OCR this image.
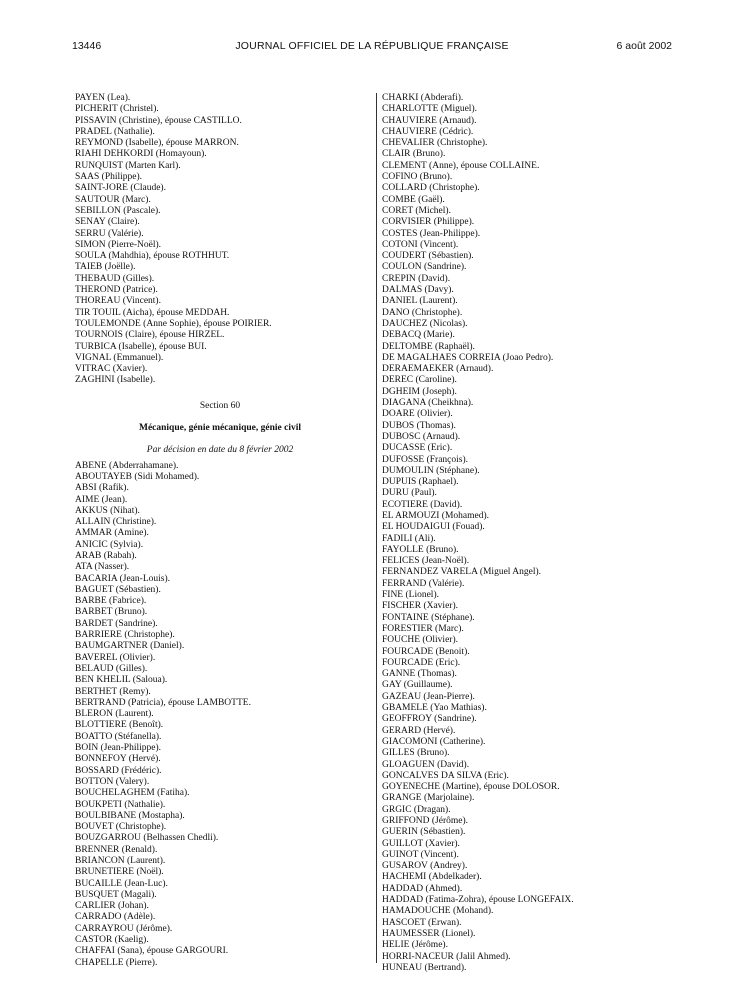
13446	JOURNAL OFFICIEL DE LA RÉPUBLIQUE FRANÇAISE	6 août 2002
PAYEN (Lea).
PICHERIT (Christel).
PISSAVIN (Christine), épouse CASTILLO.
PRADEL (Nathalie).
REYMOND (Isabelle), épouse MARRON.
RIAHI DEHKORDI (Homayoun).
RUNQUIST (Marten Karl).
SAAS (Philippe).
SAINT-JORE (Claude).
SAUTOUR (Marc).
SEBILLON (Pascale).
SENAY (Claire).
SERRU (Valérie).
SIMON (Pierre-Noël).
SOULA (Mahdhia), épouse ROTHHUT.
TAIEB (Joëlle).
THEBAUD (Gilles).
THEROND (Patrice).
THOREAU (Vincent).
TIR TOUIL (Aicha), épouse MEDDAH.
TOULEMONDE (Anne Sophie), épouse POIRIER.
TOURNOIS (Claire), épouse HIRZEL.
TURBICA (Isabelle), épouse BUI.
VIGNAL (Emmanuel).
VITRAC (Xavier).
ZAGHINI (Isabelle).
Section 60
Mécanique, génie mécanique, génie civil
Par décision en date du 8 février 2002
ABENE (Abderrahamane).
ABOUTAYEB (Sidi Mohamed).
ABSI (Rafik).
AIME (Jean).
AKKUS (Nihat).
ALLAIN (Christine).
AMMAR (Amine).
ANICIC (Sylvia).
ARAB (Rabah).
ATA (Nasser).
BACARIA (Jean-Louis).
BAGUET (Sébastien).
BARBE (Fabrice).
BARBET (Bruno).
BARDET (Sandrine).
BARRIERE (Christophe).
BAUMGARTNER (Daniel).
BAVEREL (Olivier).
BELAUD (Gilles).
BEN KHELIL (Saloua).
BERTHET (Remy).
BERTRAND (Patricia), épouse LAMBOTTE.
BLERON (Laurent).
BLOTTIERE (Benoît).
BOATTO (Stéfanella).
BOIN (Jean-Philippe).
BONNEFOY (Hervé).
BOSSARD (Frédéric).
BOTTON (Valery).
BOUCHELAGHEM (Fatiha).
BOUKPETI (Nathalie).
BOULBIBANE (Mostapha).
BOUVET (Christophe).
BOUZGARROU (Belhassen Chedli).
BRENNER (Renald).
BRIANCON (Laurent).
BRUNETIERE (Noël).
BUCAILLE (Jean-Luc).
BUSQUET (Magali).
CARLIER (Johan).
CARRADO (Adèle).
CARRAYROU (Jérôme).
CASTOR (Kaelig).
CHAFFAI (Sana), épouse GARGOURI.
CHAPELLE (Pierre).
CHARKI (Abderafi).
CHARLOTTE (Miguel).
CHAUVIERE (Arnaud).
CHAUVIERE (Cédric).
CHEVALIER (Christophe).
CLAIR (Bruno).
CLEMENT (Anne), épouse COLLAINE.
COFINO (Bruno).
COLLARD (Christophe).
COMBE (Gaël).
CORET (Michel).
CORVISIER (Philippe).
COSTES (Jean-Philippe).
COTONI (Vincent).
COUDERT (Sébastien).
COULON (Sandrine).
CREPIN (David).
DALMAS (Davy).
DANIEL (Laurent).
DANO (Christophe).
DAUCHEZ (Nicolas).
DEBACQ (Marie).
DELTOMBE (Raphaël).
DE MAGALHAES CORREIA (Joao Pedro).
DERAEMAEKER (Arnaud).
DEREC (Caroline).
DGHEIM (Joseph).
DIAGANA (Cheikhna).
DOARE (Olivier).
DUBOS (Thomas).
DUBOSC (Arnaud).
DUCASSE (Eric).
DUFOSSE (François).
DUMOULIN (Stéphane).
DUPUIS (Raphael).
DURU (Paul).
ECOTIERE (David).
EL ARMOUZI (Mohamed).
EL HOUDAIGUI (Fouad).
FADILI (Ali).
FAYOLLE (Bruno).
FELICES (Jean-Noël).
FERNANDEZ VARELA (Miguel Angel).
FERRAND (Valérie).
FINE (Lionel).
FISCHER (Xavier).
FONTAINE (Stéphane).
FORESTIER (Marc).
FOUCHE (Olivier).
FOURCADE (Benoit).
FOURCADE (Eric).
GANNE (Thomas).
GAY (Guillaume).
GAZEAU (Jean-Pierre).
GBAMELE (Yao Mathias).
GEOFFROY (Sandrine).
GERARD (Hervé).
GIACOMONI (Catherine).
GILLES (Bruno).
GLOAGUEN (David).
GONCALVES DA SILVA (Eric).
GOYENECHE (Martine), épouse DOLOSOR.
GRANGE (Marjolaine).
GRGIC (Dragan).
GRIFFOND (Jérôme).
GUERIN (Sébastien).
GUILLOT (Xavier).
GUINOT (Vincent).
GUSAROV (Andrey).
HACHEMI (Abdelkader).
HADDAD (Ahmed).
HADDAD (Fatima-Zohra), épouse LONGEFAIX.
HAMADOUCHE (Mohand).
HASCOET (Erwan).
HAUMESSER (Lionel).
HELIE (Jérôme).
HORRI-NACEUR (Jalil Ahmed).
HUNEAU (Bertrand).
